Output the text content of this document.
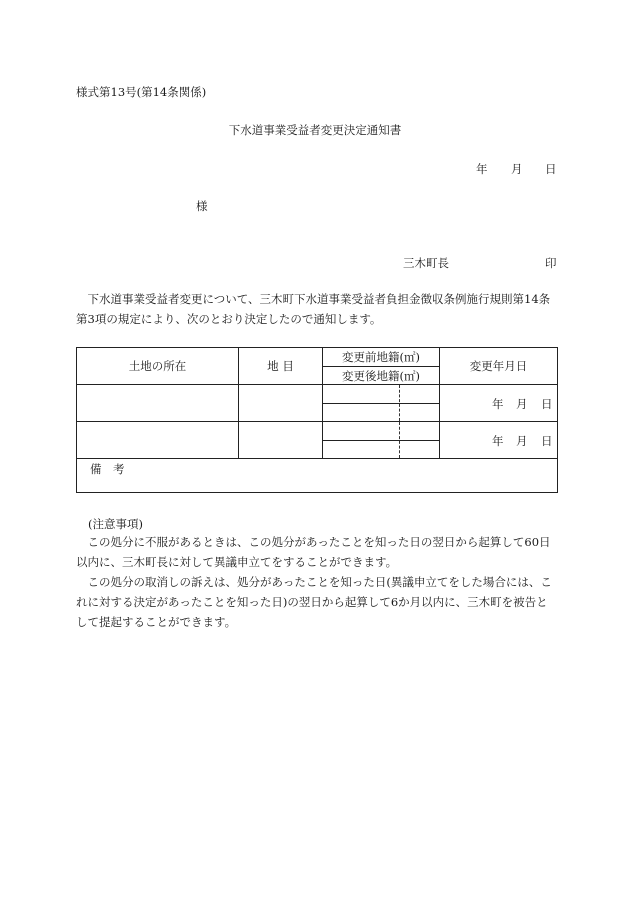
様式第13号(第14条関係)
下水道事業受益者変更決定通知書
年 月 日
様
三木町長	印

下水道事業受益者変更について、三木町下水道事業受益者負担金徴収条例施行規則第14条第3項の規定により、次のとおり決定したので通知します。

土地の所在	地 目
変更前地籍(㎡)
変更後地籍(㎡)
変更年月日
年 月 日
年 月 日
備　考
(注意事項)

この処分に不服があるときは、この処分があったことを知った日の翌日から起算して60日以内に、三木町長に対して異議申立てをすることができます。

この処分の取消しの訴えは、処分があったことを知った日(異議申立てをした場合には、これに対する決定があったことを知った日)の翌日から起算して6か月以内に、三木町を被告として提起することができます。
